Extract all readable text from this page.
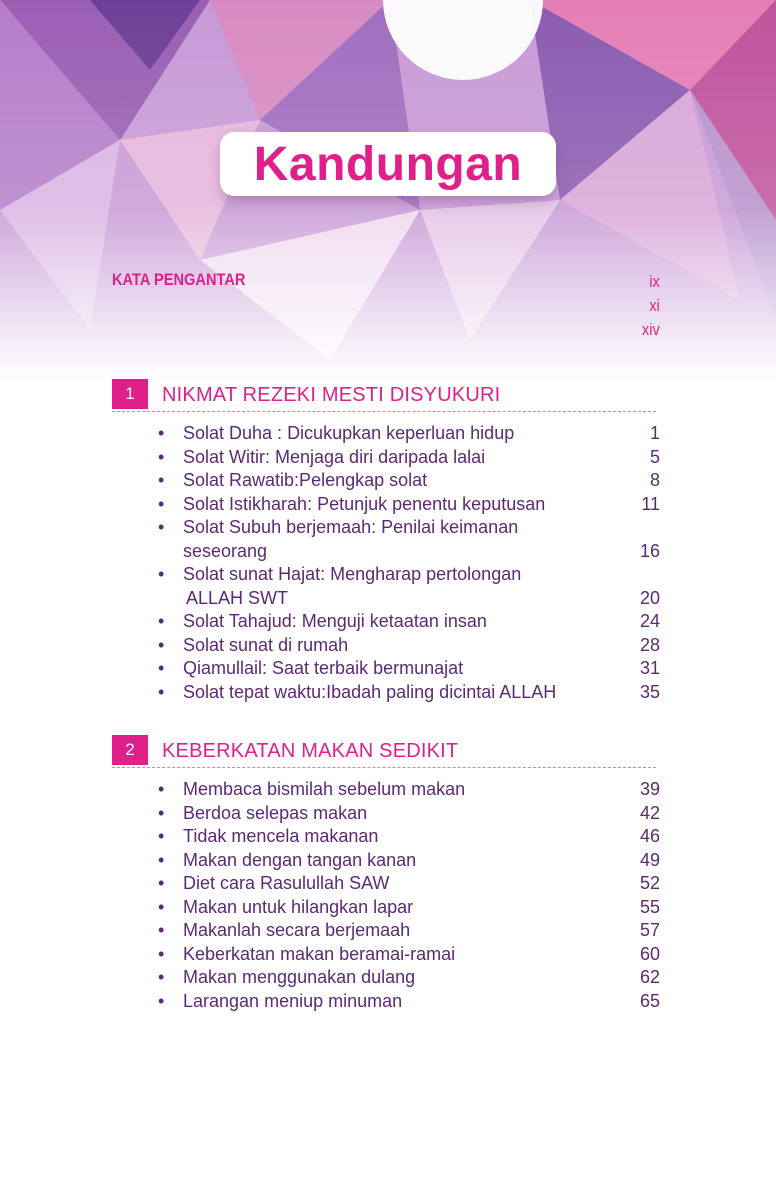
Kandungan
KATA PENGANTAR	ix
xi
xiv
1	NIKMAT REZEKI MESTI DISYUKURI
• Solat Duha : Dicukupkan keperluan hidup	1
• Solat Witir: Menjaga diri daripada lalai	5
• Solat Rawatib:Pelengkap solat	8
• Solat Istikharah: Petunjuk penentu keputusan	11
• Solat Subuh berjemaah: Penilai keimanan
seseorang	16
• Solat sunat Hajat: Mengharap pertolongan
ALLAH SWT	20
• Solat Tahajud: Menguji ketaatan insan	24
• Solat sunat di rumah	28
• Qiamullail: Saat terbaik bermunajat	31
• Solat tepat waktu:Ibadah paling dicintai ALLAH	35
2	KEBERKATAN MAKAN SEDIKIT
• Membaca bismilah sebelum makan	39
• Berdoa selepas makan	42
• Tidak mencela makanan	46
• Makan dengan tangan kanan	49
• Diet cara Rasulullah SAW	52
• Makan untuk hilangkan lapar	55
• Makanlah secara berjemaah	57
• Keberkatan makan beramai-ramai	60
• Makan menggunakan dulang	62
• Larangan meniup minuman	65
